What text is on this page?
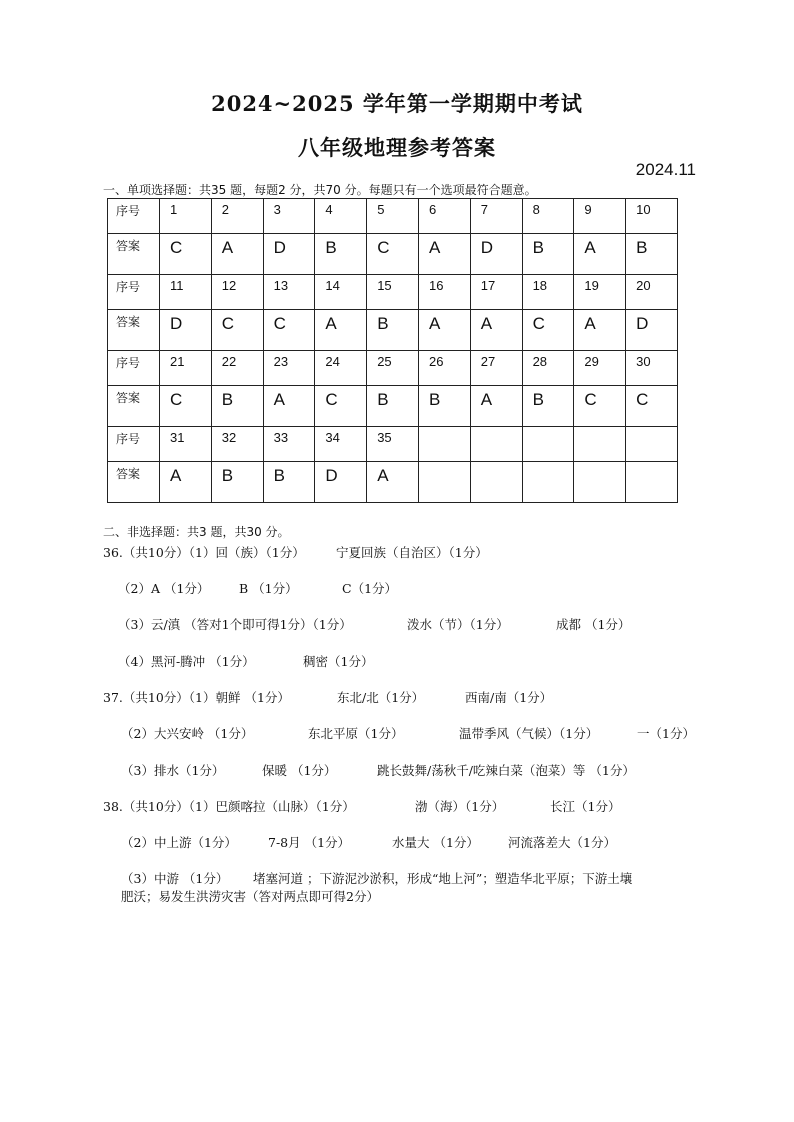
2024~2025 学年第一学期期中考试
八年级地理参考答案
2024.11
一、单项选择题：共35 题，每题2 分，共70 分。每题只有一个选项最符合题意。
序号	1	2	3	4	5	6	7	8	9	10
答案	C	A	D	B	C	A	D	B	A	B
序号	11	12	13	14	15	16	17	18	19	20
答案	D	C	C	A	B	A	A	C	A	D
序号	21	22	23	24	25	26	27	28	29	30
答案	C	B	A	C	B	B	A	B	C	C
序号	31	32	33	34	35					
答案	A	B	B	D	A					
二、非选择题：共3 题，共30 分。
36.（共10分）（1）回（族）（1分）	宁夏回族（自治区）（1分）
（2）A （1分） B （1分）	C（1分）
（3）云/滇 （答对1个即可得1分）（1分）	泼水（节）（1分）	成都 （1分）
（4）黑河-腾冲 （1分）	稠密（1分）
37.（共10分）（1）朝鲜 （1分）	东北/北（1分）	西南/南（1分）
（2）大兴安岭 （1分）	东北平原（1分）	温带季风（气候）（1分）	一（1分）
（3）排水（1分）	保暖 （1分）	跳长鼓舞/荡秋千/吃辣白菜（泡菜）等 （1分）
38.（共10分）（1）巴颜喀拉（山脉）（1分）	渤（海）（1分）	长江（1分）
（2）中上游（1分） 7-8月 （1分）	水量大 （1分） 河流落差大（1分）
（3）中游 （1分） 堵塞河道 ；下游泥沙淤积，形成“地上河”；塑造华北平原；下游土壤
肥沃；易发生洪涝灾害（答对两点即可得2分）
